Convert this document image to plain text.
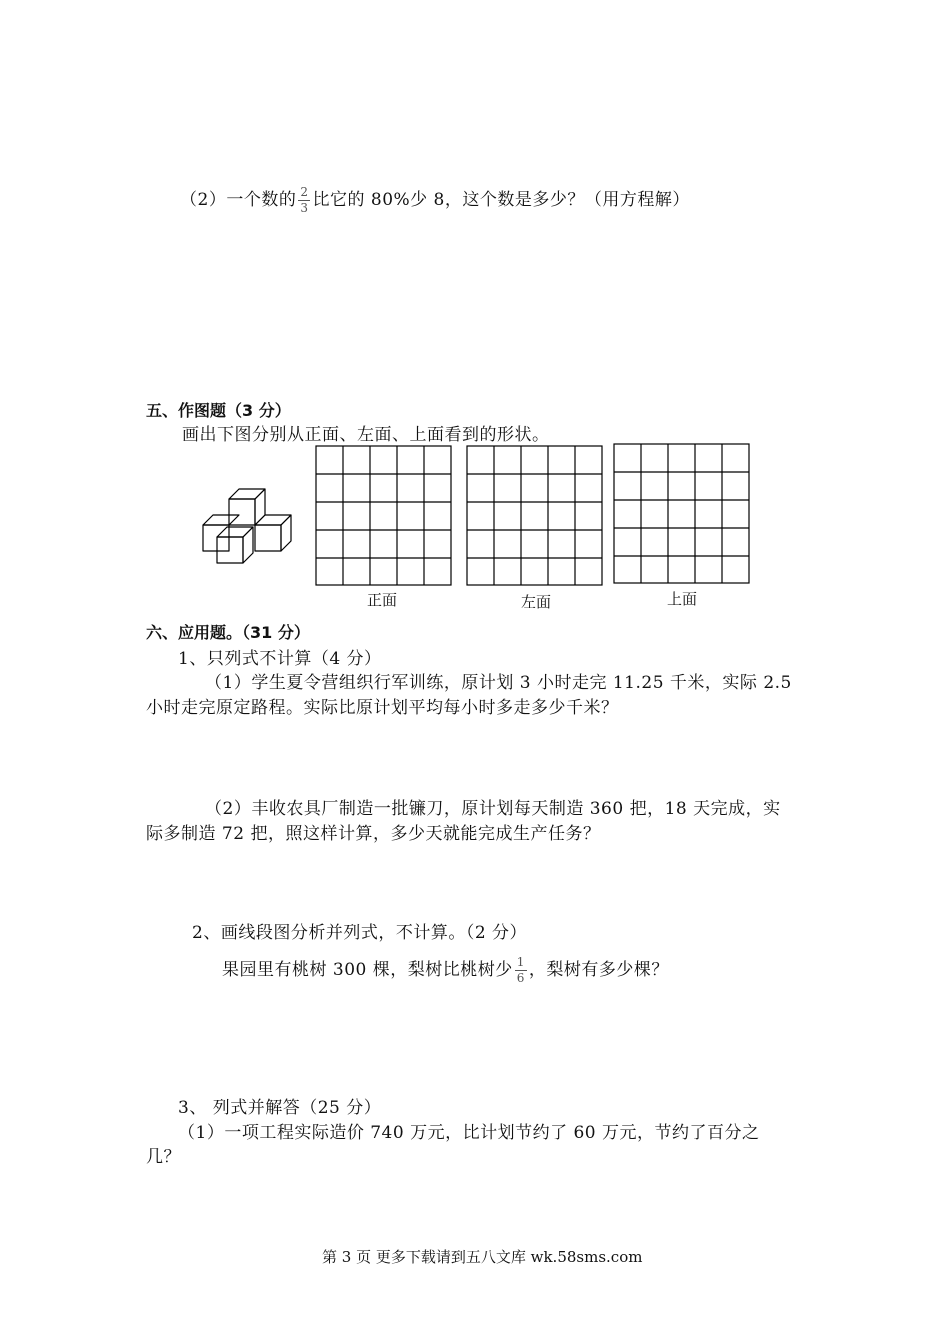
（2）一个数的 $\frac{2}{3}$ 比它的 80%少 8，这个数是多少？（用方程解）
五、作图题（3 分）
画出下图分别从正面、左面、上面看到的形状。
正面	左面	上面
六、应用题。（31 分）
1、只列式不计算（4 分）
（1）学生夏令营组织行军训练，原计划 3 小时走完 11.25 千米，实际 2.5
小时走完原定路程。实际比原计划平均每小时多走多少千米？
（2）丰收农具厂制造一批镰刀，原计划每天制造 360 把，18 天完成，实
际多制造 72 把，照这样计算，多少天就能完成生产任务？
2、画线段图分析并列式，不计算。（2 分）
果园里有桃树 300 棵，梨树比桃树少 $\frac{1}{6}$ ，梨树有多少棵？
3、 列式并解答（25 分）
（1）一项工程实际造价 740 万元，比计划节约了 60 万元，节约了百分之
几？
第 3 页 更多下载请到五八文库 wk.58sms.com
